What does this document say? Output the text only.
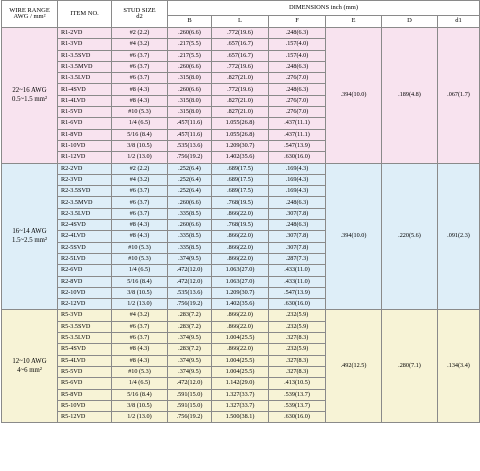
WIRE RANGE
AWG / mm²	ITEM NO.	STUD SIZE
d2	DIMENSIONS inch (mm)					
			B	L	F	E	D	d1

22~16 AWG
0.5~1.5 mm²	R1-2VD	#2 (2.2)	.260(6.6)	.772(19.6)	.248(6.3)	.394(10.0)	.189(4.8)	.067(1.7)
	R1-3VD	#4 (3.2)	.217(5.5)	.657(16.7)	.157(4.0)			
	R1-3.5SVD	#6 (3.7)	.217(5.5)	.657(16.7)	.157(4.0)			
	R1-3.5MVD	#6 (3.7)	.260(6.6)	.772(19.6)	.248(6.3)			
	R1-3.5LVD	#6 (3.7)	.315(8.0)	.827(21.0)	.276(7.0)			
	R1-4SVD	#8 (4.3)	.260(6.6)	.772(19.6)	.248(6.3)			
	R1-4LVD	#8 (4.3)	.315(8.0)	.827(21.0)	.276(7.0)			
	R1-5VD	#10 (5.3)	.315(8.0)	.827(21.0)	.276(7.0)			
	R1-6VD	1/4 (6.5)	.457(11.6)	1.055(26.8)	.437(11.1)			
	R1-8VD	5/16 (8.4)	.457(11.6)	1.055(26.8)	.437(11.1)			
	R1-10VD	3/8 (10.5)	.535(13.6)	1.209(30.7)	.547(13.9)			
	R1-12VD	1/2 (13.0)	.756(19.2)	1.402(35.6)	.630(16.0)			

16~14 AWG
1.5~2.5 mm²	R2-2VD	#2 (2.2)	.252(6.4)	.689(17.5)	.169(4.3)	.394(10.0)	.220(5.6)	.091(2.3)
	R2-3VD	#4 (3.2)	.252(6.4)	.689(17.5)	.169(4.3)			
	R2-3.5SVD	#6 (3.7)	.252(6.4)	.689(17.5)	.169(4.3)			
	R2-3.5MVD	#6 (3.7)	.260(6.6)	.768(19.5)	.248(6.3)			
	R2-3.5LVD	#6 (3.7)	.335(8.5)	.866(22.0)	.307(7.8)			
	R2-4SVD	#8 (4.3)	.260(6.6)	.768(19.5)	.248(6.3)			
	R2-4LVD	#8 (4.3)	.335(8.5)	.866(22.0)	.307(7.8)			
	R2-5SVD	#10 (5.3)	.335(8.5)	.866(22.0)	.307(7.8)			
	R2-5LVD	#10 (5.3)	.374(9.5)	.866(22.0)	.287(7.3)			
	R2-6VD	1/4 (6.5)	.472(12.0)	1.063(27.0)	.433(11.0)			
	R2-8VD	5/16 (8.4)	.472(12.0)	1.063(27.0)	.433(11.0)			
	R2-10VD	3/8 (10.5)	.535(13.6)	1.209(30.7)	.547(13.9)			
	R2-12VD	1/2 (13.0)	.756(19.2)	1.402(35.6)	.630(16.0)			

12~10 AWG
4~6 mm²	R5-3VD	#4 (3.2)	.283(7.2)	.866(22.0)	.232(5.9)	.492(12.5)	.280(7.1)	.134(3.4)
	R5-3.5SVD	#6 (3.7)	.283(7.2)	.866(22.0)	.232(5.9)			
	R5-3.5LVD	#6 (3.7)	.374(9.5)	1.004(25.5)	.327(8.3)			
	R5-4SVD	#8 (4.3)	.283(7.2)	.866(22.0)	.232(5.9)			
	R5-4LVD	#8 (4.3)	.374(9.5)	1.004(25.5)	.327(8.3)			
	R5-5VD	#10 (5.3)	.374(9.5)	1.004(25.5)	.327(8.3)			
	R5-6VD	1/4 (6.5)	.472(12.0)	1.142(29.0)	.413(10.5)			
	R5-8VD	5/16 (8.4)	.591(15.0)	1.327(33.7)	.539(13.7)			
	R5-10VD	3/8 (10.5)	.591(15.0)	1.327(33.7)	.539(13.7)			
	R5-12VD	1/2 (13.0)	.756(19.2)	1.500(38.1)	.630(16.0)			
